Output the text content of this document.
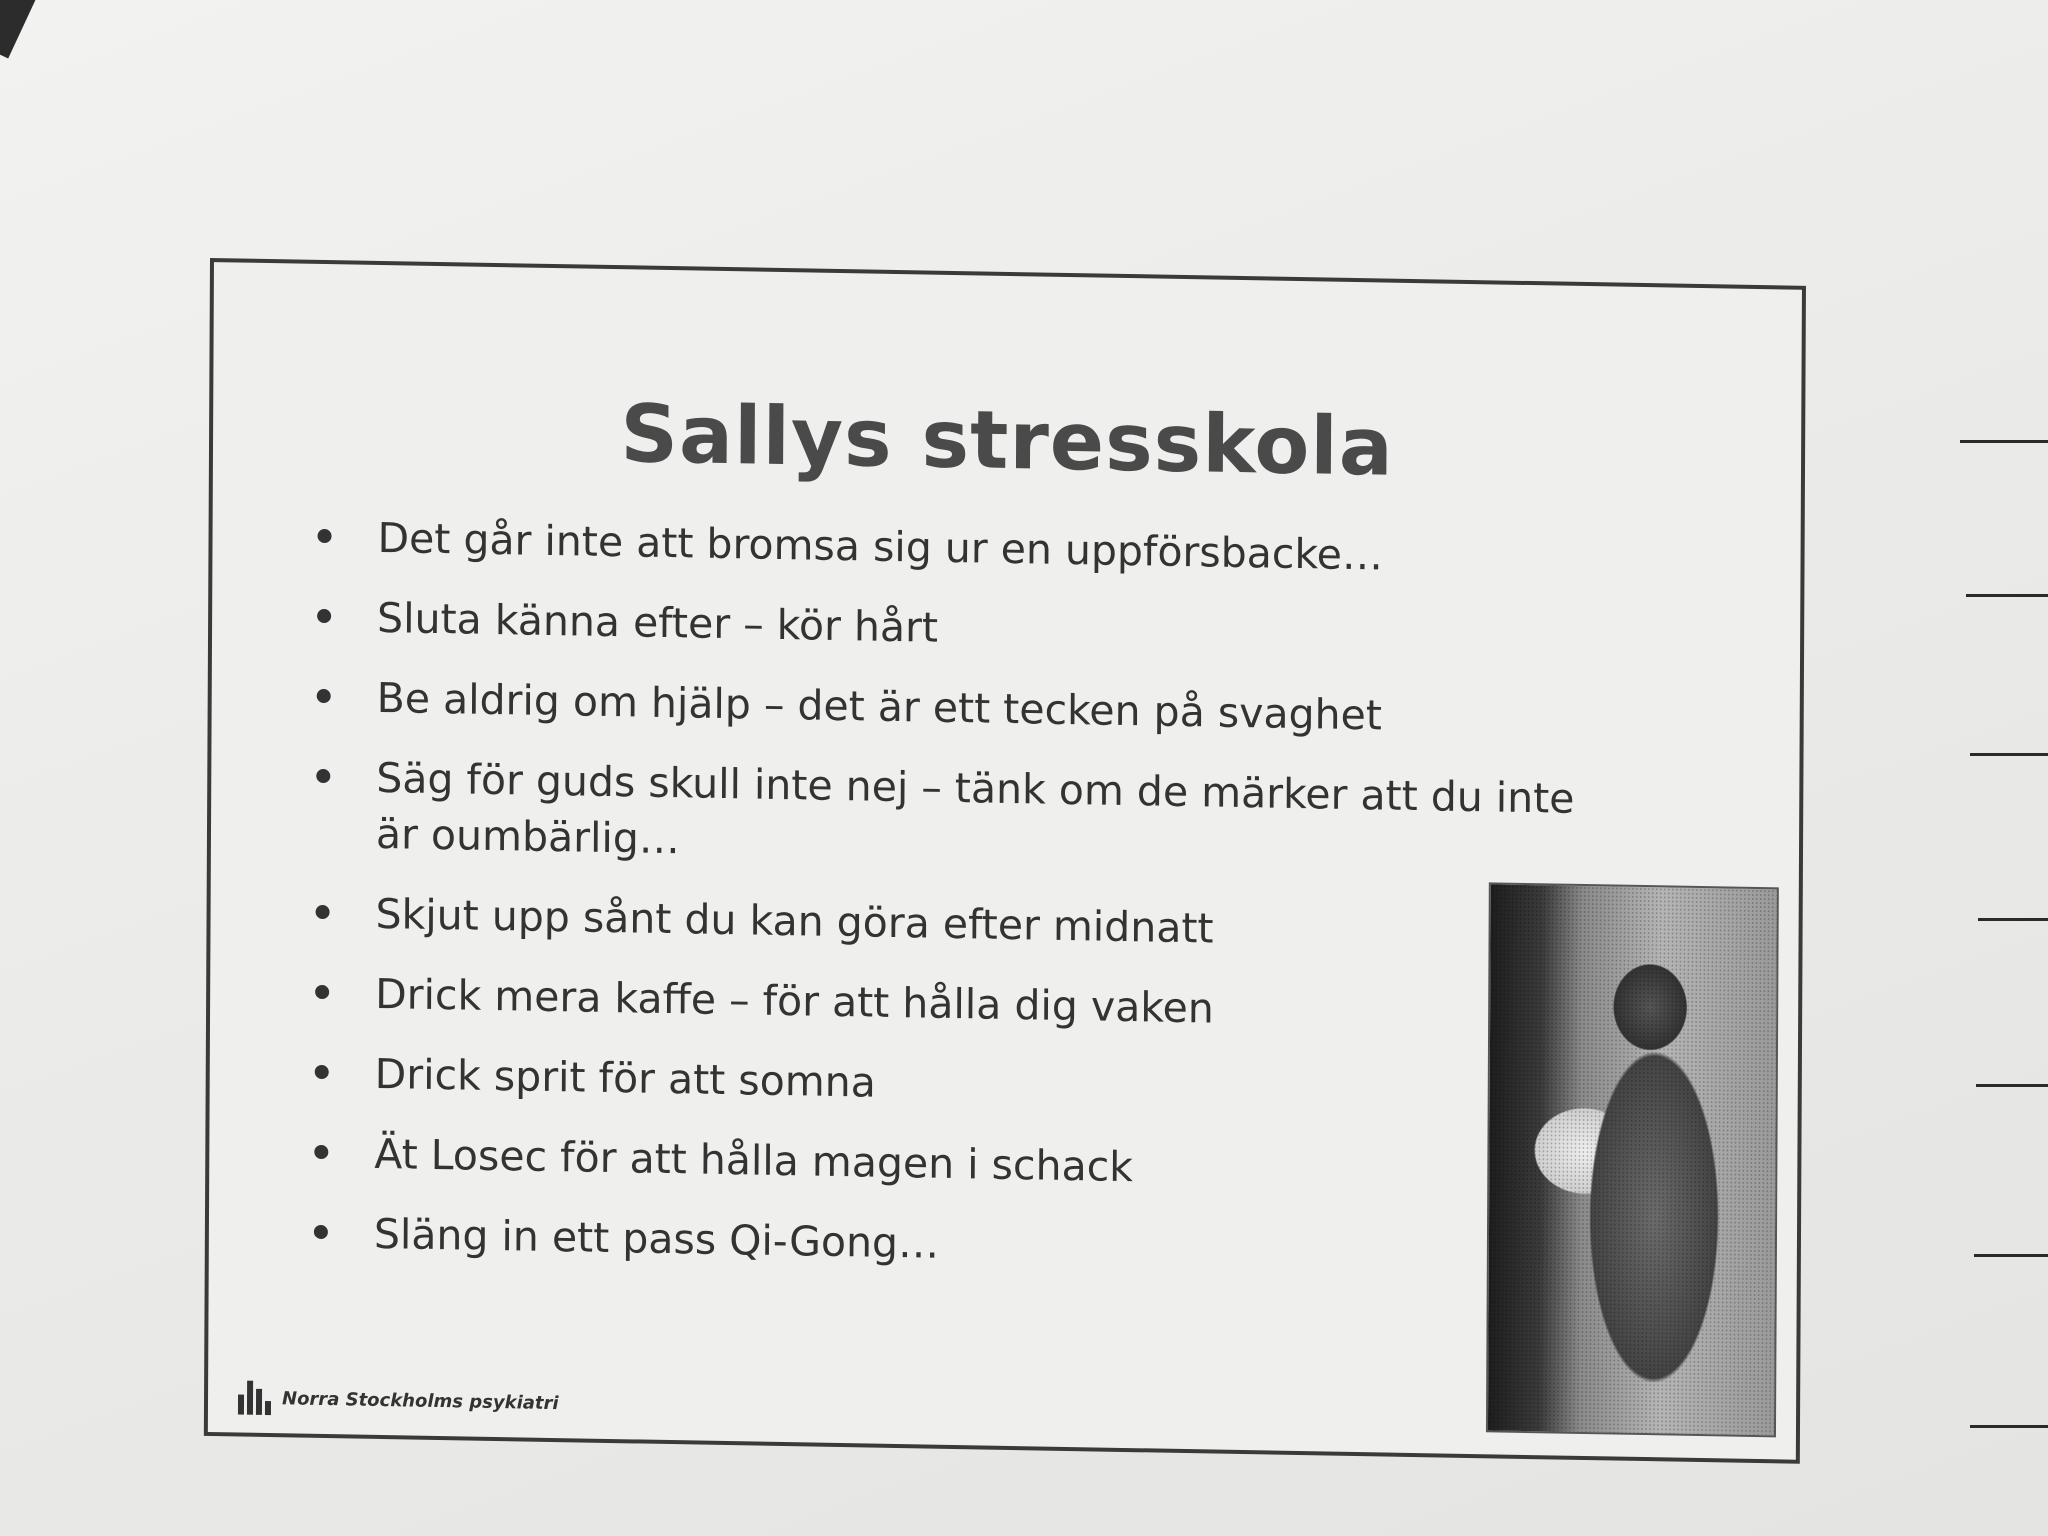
Sallys stresskola
Det går inte att bromsa sig ur en uppförsbacke…
Sluta känna efter – kör hårt
Be aldrig om hjälp – det är ett tecken på svaghet
Säg för guds skull inte nej – tänk om de märker att du inte är oumbärlig…
Skjut upp sånt du kan göra efter midnatt
Drick mera kaffe – för att hålla dig vaken
Drick sprit för att somna
Ät Losec för att hålla magen i schack
Släng in ett pass Qi-Gong…
Norra Stockholms psykiatri
